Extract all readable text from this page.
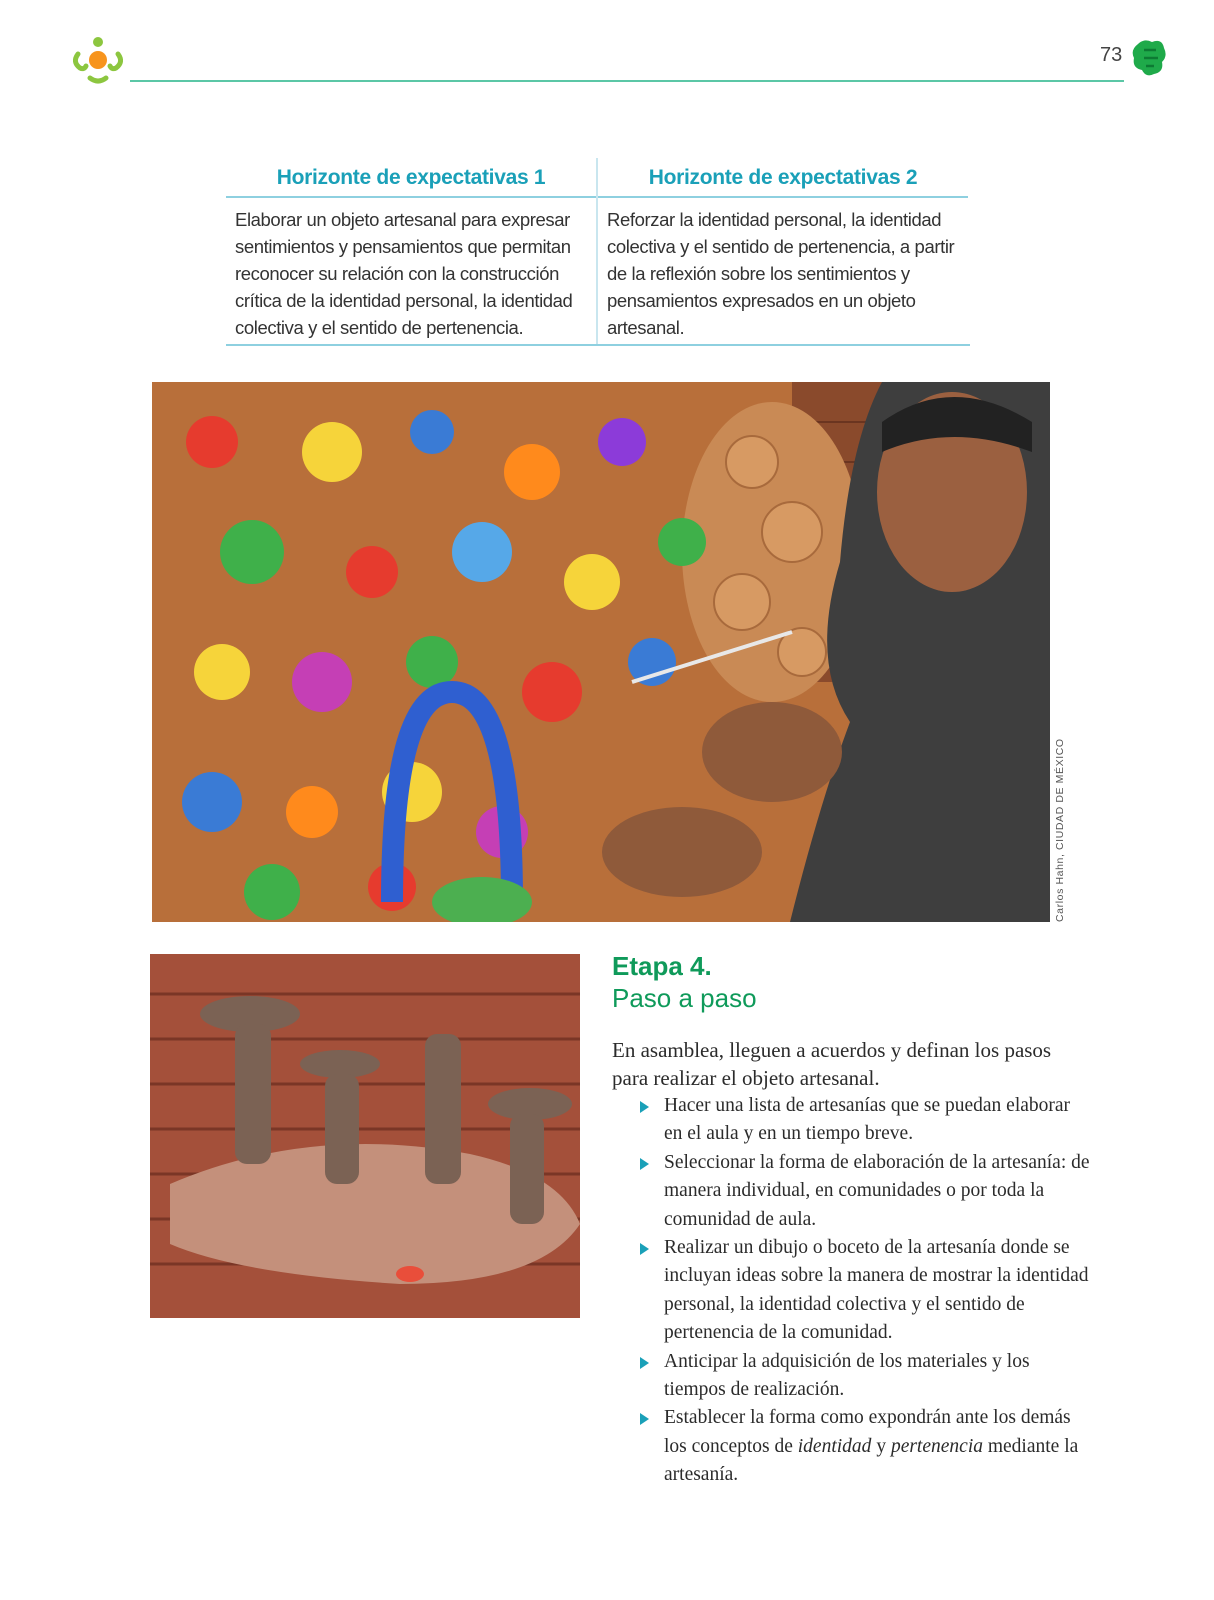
73
Horizonte de expectativas 1
Elaborar un objeto artesanal para expresar sentimientos y pensamientos que permitan reconocer su relación con la construcción crítica de la identidad personal, la identidad colectiva y el sentido de pertenencia.
Horizonte de expectativas 2
Reforzar la identidad personal, la identidad colectiva y el sentido de pertenencia, a partir de la reflexión sobre los sentimientos y pensamientos expresados en un objeto artesanal.
Carlos Hahn, CIUDAD DE MÉXICO
Etapa 4.
Paso a paso
En asamblea, lleguen a acuerdos y definan los pasos para realizar el objeto artesanal.
Hacer una lista de artesanías que se puedan elaborar en el aula y en un tiempo breve.
Seleccionar la forma de elaboración de la artesanía: de manera individual, en comunidades o por toda la comunidad de aula.
Realizar un dibujo o boceto de la artesanía donde se incluyan ideas sobre la manera de mostrar la identidad personal, la identidad colectiva y el sentido de pertenencia de la comunidad.
Anticipar la adquisición de los materiales y los tiempos de realización.
Establecer la forma como expondrán ante los demás los conceptos de identidad y pertenencia mediante la artesanía.
